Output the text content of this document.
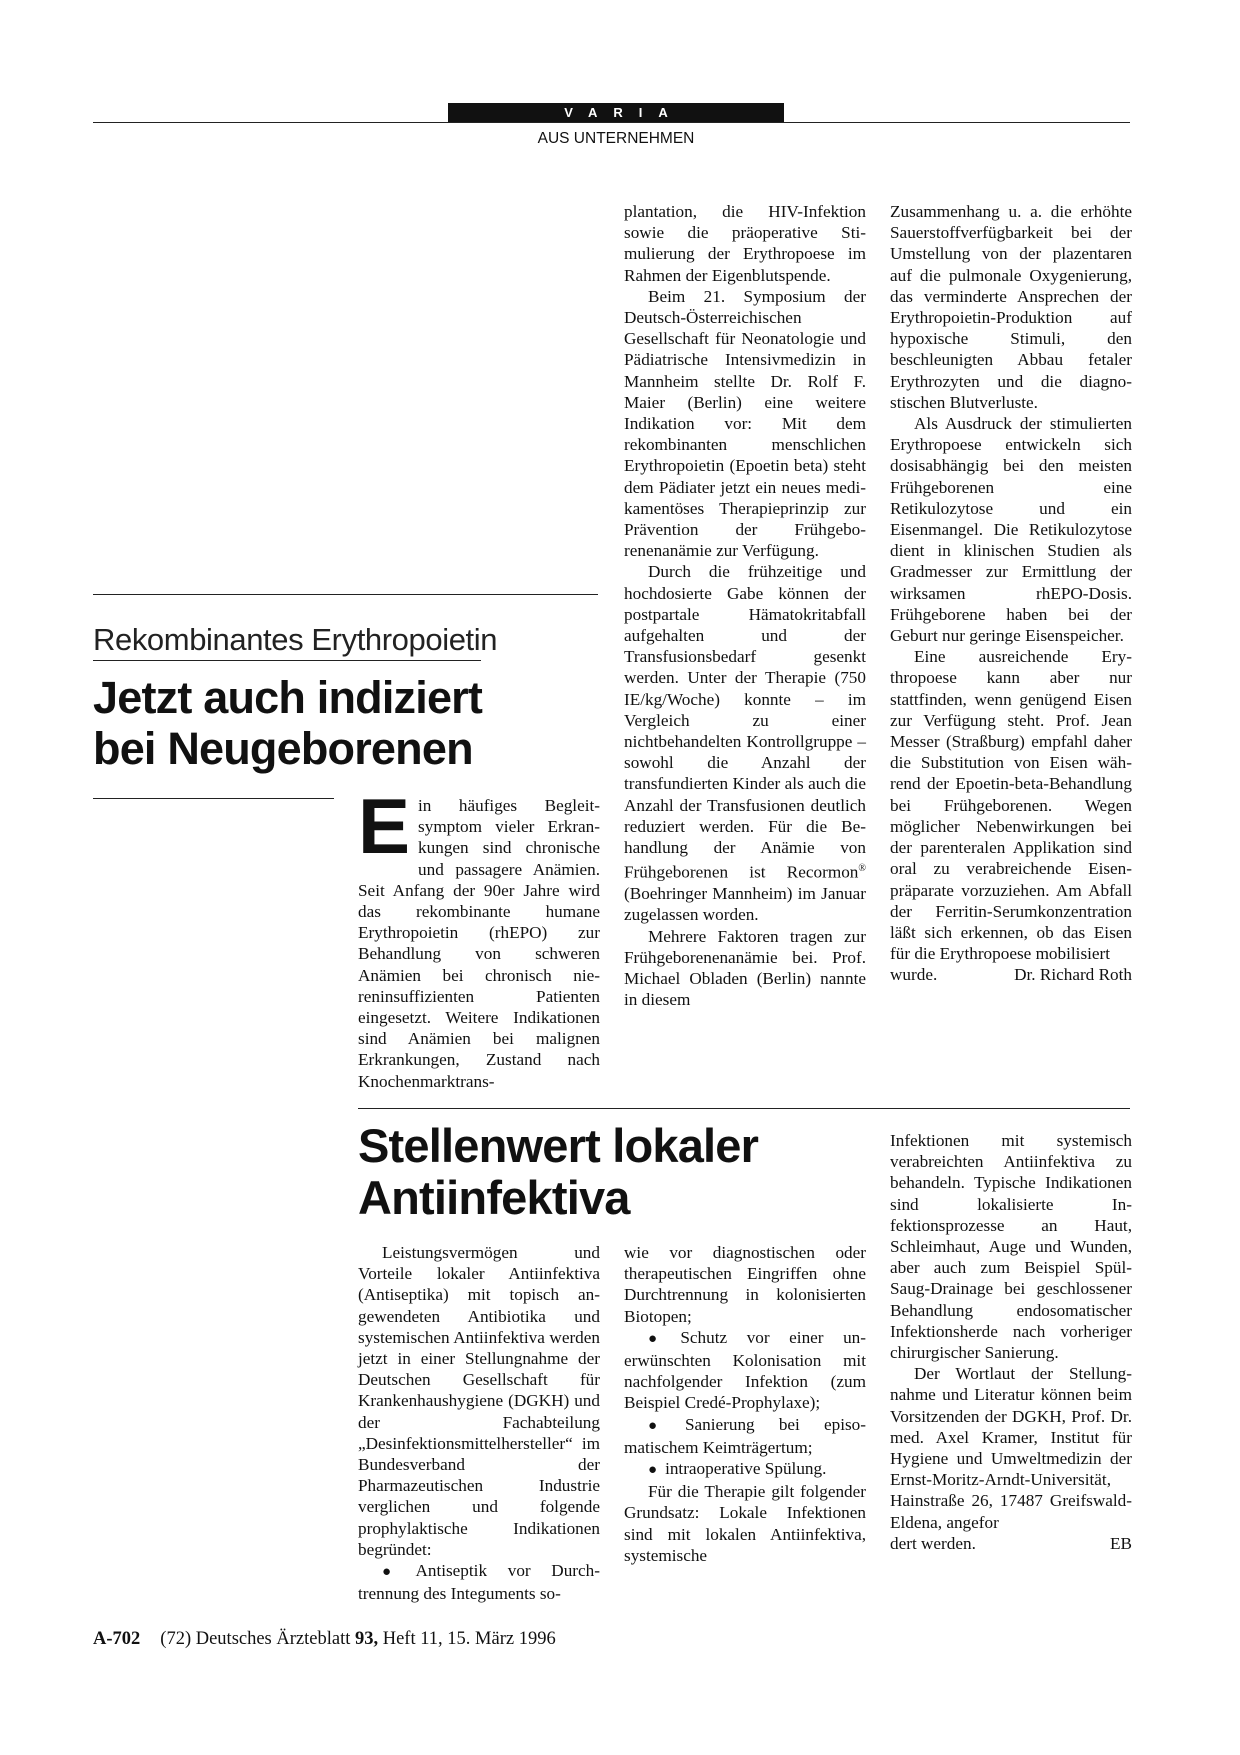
VARIA
AUS UNTERNEHMEN
Rekombinantes Erythropoietin
Jetzt auch indiziert
bei Neugeborenen

Ein häufiges Begleitsymptom vieler Erkrankungen sind chronische und passagere Anämien. Seit Anfang der 90er Jahre wird das rekombinante humane Erythropoietin (rhEPO) zur Behandlung von schweren Anämien bei chronisch niereninsuffizienten Patienten eingesetzt. Weitere Indikationen sind Anämien bei malignen Erkrankungen, Zustand nach Knochenmarktrans-

plantation, die HIV-Infektion sowie die präoperative Stimulierung der Erythropoese im Rahmen der Eigenblutspende.

Beim 21. Symposium der Deutsch-Österreichischen Gesellschaft für Neonatologie und Pädiatrische Intensivmedizin in Mannheim stellte Dr. Rolf F. Maier (Berlin) eine weitere Indikation vor: Mit dem rekombinanten menschlichen Erythropoietin (Epoetin beta) steht dem Pädiater jetzt ein neues medikamentöses Therapieprinzip zur Prävention der Frühgeborenenanämie zur Verfügung.

Durch die frühzeitige und hochdosierte Gabe können der postpartale Hämatokritabfall aufgehalten und der Transfusionsbedarf gesenkt werden. Unter der Therapie (750 IE/kg/Woche) konnte – im Vergleich zu einer nichtbehandelten Kontrollgruppe – sowohl die Anzahl der transfundierten Kinder als auch die Anzahl der Transfusionen deutlich reduziert werden. Für die Behandlung der Anämie von Frühgeborenen ist Recormon® (Boehringer Mannheim) im Januar zugelassen worden.

Mehrere Faktoren tragen zur Frühgeborenenanämie bei. Prof. Michael Obladen (Berlin) nannte in diesem

Zusammenhang u. a. die erhöhte Sauerstoffverfügbarkeit bei der Umstellung von der plazentaren auf die pulmonale Oxygenierung, das verminderte Ansprechen der Erythropoietin-Produktion auf hypoxische Stimuli, den beschleunigten Abbau fetaler Erythrozyten und die diagnostischen Blutverluste.

Als Ausdruck der stimulierten Erythropoese entwickeln sich dosisabhängig bei den meisten Frühgeborenen eine Retikulozytose und ein Eisenmangel. Die Retikulozytose dient in klinischen Studien als Gradmesser zur Ermittlung der wirksamen rhEPO-Dosis. Frühgeborene haben bei der Geburt nur geringe Eisenspeicher.

Eine ausreichende Erythropoese kann aber nur stattfinden, wenn genügend Eisen zur Verfügung steht. Prof. Jean Messer (Straßburg) empfahl daher die Substitution von Eisen während der Epoetin-beta-Behandlung bei Frühgeborenen. Wegen möglicher Nebenwirkungen bei der parenteralen Applikation sind oral zu verabreichende Eisenpräparate vorzuziehen. Am Abfall der Ferritin-Serumkonzentration läßt sich erkennen, ob das Eisen für die Erythropoese mobilisiert

wurde.	Dr. Richard Roth

Stellenwert lokaler
Antiinfektiva

Leistungsvermögen und Vorteile lokaler Antiinfektiva (Antiseptika) mit topisch angewendeten Antibiotika und systemischen Antiinfektiva werden jetzt in einer Stellungnahme der Deutschen Gesellschaft für Krankenhaushygiene (DGKH) und der Fachabteilung „Desinfektionsmittelhersteller“ im Bundesverband der Pharmazeutischen Industrie verglichen und folgende prophylaktische Indikationen begründet:

● Antiseptik vor Durchtrennung des Integuments so-

wie vor diagnostischen oder therapeutischen Eingriffen ohne Durchtrennung in kolonisierten Biotopen;

● Schutz vor einer unerwünschten Kolonisation mit nachfolgender Infektion (zum Beispiel Credé-Prophylaxe);

● Sanierung bei episomatischem Keimträgertum;

● intraoperative Spülung.

Für die Therapie gilt folgender Grundsatz: Lokale Infektionen sind mit lokalen Antiinfektiva, systemische

Infektionen mit systemisch verabreichten Antiinfektiva zu behandeln. Typische Indikationen sind lokalisierte Infektionsprozesse an Haut, Schleimhaut, Auge und Wunden, aber auch zum Beispiel Spül-Saug-Drainage bei geschlossener Behandlung endosomatischer Infektionsherde nach vorheriger chirurgischer Sanierung.

Der Wortlaut der Stellungnahme und Literatur können beim Vorsitzenden der DGKH, Prof. Dr. med. Axel Kramer, Institut für Hygiene und Umweltmedizin der Ernst-Moritz-Arndt-Universität, Hainstraße 26, 17487 Greifswald-Eldena, angefor

dert werden.	EB

A-702 (72) Deutsches Ärzteblatt 93, Heft 11, 15. März 1996
